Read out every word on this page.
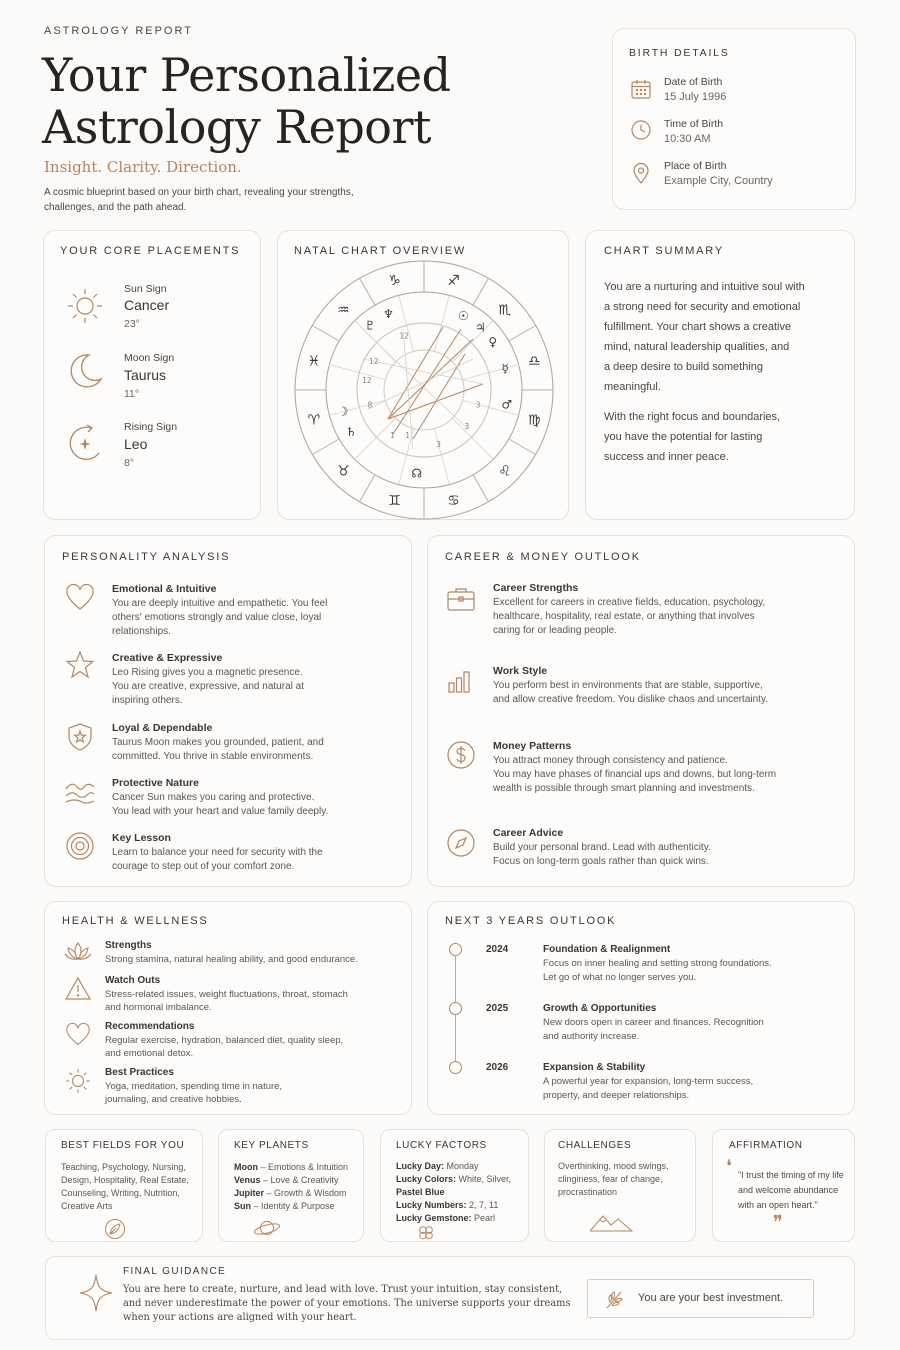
ASTROLOGY REPORT
Your Personalized
Astrology Report
Insight. Clarity. Direction.
A cosmic blueprint based on your birth chart, revealing your strengths,
challenges, and the path ahead.
BIRTH DETAILS
Date of Birth
15 July 1996
Time of Birth
10:30 AM
Place of Birth
Example City, Country
YOUR CORE PLACEMENTS
Sun Sign
Cancer
23°
Moon Sign
Taurus
11°
Rising Sign
Leo
8°
NATAL CHART OVERVIEW
♑	♐
♏
♎
♍
♌
♋
♊
♉
♈
♓
♒
♇
♆	☉
♃
♀
☿
♂
♄
☽
☊
12
12
12
8
1 1
3
3
3
CHART SUMMARY
You are a nurturing and intuitive soul with
a strong need for security and emotional
fulfillment. Your chart shows a creative
mind, natural leadership qualities, and
a deep desire to build something
meaningful.
With the right focus and boundaries,
you have the potential for lasting
success and inner peace.
PERSONALITY ANALYSIS
Emotional & Intuitive
You are deeply intuitive and empathetic. You feel
others' emotions strongly and value close, loyal
relationships.
Creative & Expressive
Leo Rising gives you a magnetic presence.
You are creative, expressive, and natural at
inspiring others.
Loyal & Dependable
Taurus Moon makes you grounded, patient, and
committed. You thrive in stable environments.
Protective Nature
Cancer Sun makes you caring and protective.
You lead with your heart and value family deeply.
Key Lesson
Learn to balance your need for security with the
courage to step out of your comfort zone.
CAREER & MONEY OUTLOOK
Career Strengths
Excellent for careers in creative fields, education, psychology,
healthcare, hospitality, real estate, or anything that involves
caring for or leading people.
Work Style
You perform best in environments that are stable, supportive,
and allow creative freedom. You dislike chaos and uncertainty.
Money Patterns
You attract money through consistency and patience.
You may have phases of financial ups and downs, but long-term
wealth is possible through smart planning and investments.
Career Advice
Build your personal brand. Lead with authenticity.
Focus on long-term goals rather than quick wins.
HEALTH & WELLNESS
Strengths
Strong stamina, natural healing ability, and good endurance.
Watch Outs
Stress-related issues, weight fluctuations, throat, stomach
and hormonal imbalance.
Recommendations
Regular exercise, hydration, balanced diet, quality sleep,
and emotional detox.
Best Practices
Yoga, meditation, spending time in nature,
journaling, and creative hobbies.
NEXT 3 YEARS OUTLOOK
2024	Foundation & Realignment
Focus on inner healing and setting strong foundations.
Let go of what no longer serves you.
2025	Growth & Opportunities
New doors open in career and finances. Recognition
and authority increase.
2026	Expansion & Stability
A powerful year for expansion, long-term success,
property, and deeper relationships.
BEST FIELDS FOR YOU
Teaching, Psychology, Nursing,
Design, Hospitality, Real Estate,
Counseling, Writing, Nutrition,
Creative Arts
KEY PLANETS
Moon – Emotions & Intuition
Venus – Love & Creativity
Jupiter – Growth & Wisdom
Sun – Identity & Purpose
LUCKY FACTORS
Lucky Day: Monday
Lucky Colors: White, Silver,
Pastel Blue
Lucky Numbers: 2, 7, 11
Lucky Gemstone: Pearl
CHALLENGES
Overthinking, mood swings,
clinginess, fear of change,
procrastination
AFFIRMATION
❛ "I trust the timing of my life
and welcome abundance
with an open heart."
❞
FINAL GUIDANCE
You are here to create, nurture, and lead with love. Trust your intuition, stay consistent,
and never underestimate the power of your emotions. The universe supports your dreams
when your actions are aligned with your heart.
You are your best investment.
